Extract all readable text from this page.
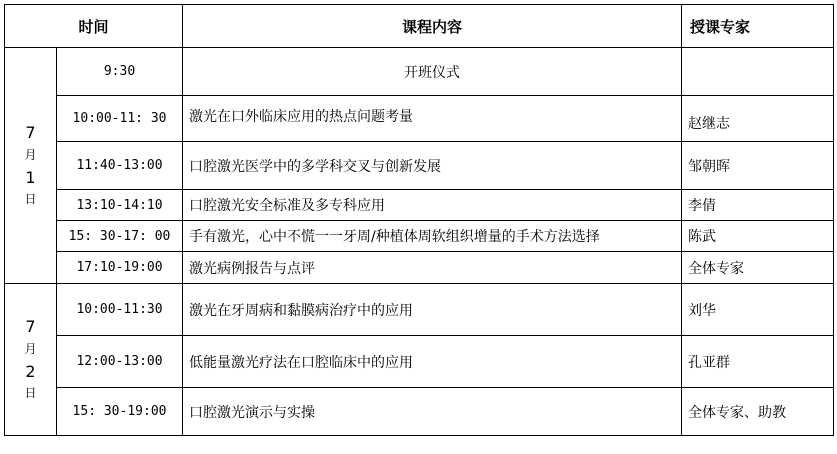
时间		课程内容	授课专家

7
月
1
日	9:30	开班仪式	
	10:00-11: 30	激光在口外临床应用的热点问题考量	赵继志
	11:40-13:00	口腔激光医学中的多学科交叉与创新发展	邹朝晖
	13:10-14:10	口腔激光安全标准及多专科应用	李倩
	15: 30-17: 00	手有激光，心中不慌一一牙周/种植体周软组织增量的手术方法选择	陈武
	17:10-19:00	激光病例报告与点评	全体专家

7
月
2
日	10:00-11:30	激光在牙周病和黏膜病治疗中的应用	刘华
	12:00-13:00	低能量激光疗法在口腔临床中的应用	孔亚群
	15: 30-19:00	口腔激光演示与实操	全体专家、助教
